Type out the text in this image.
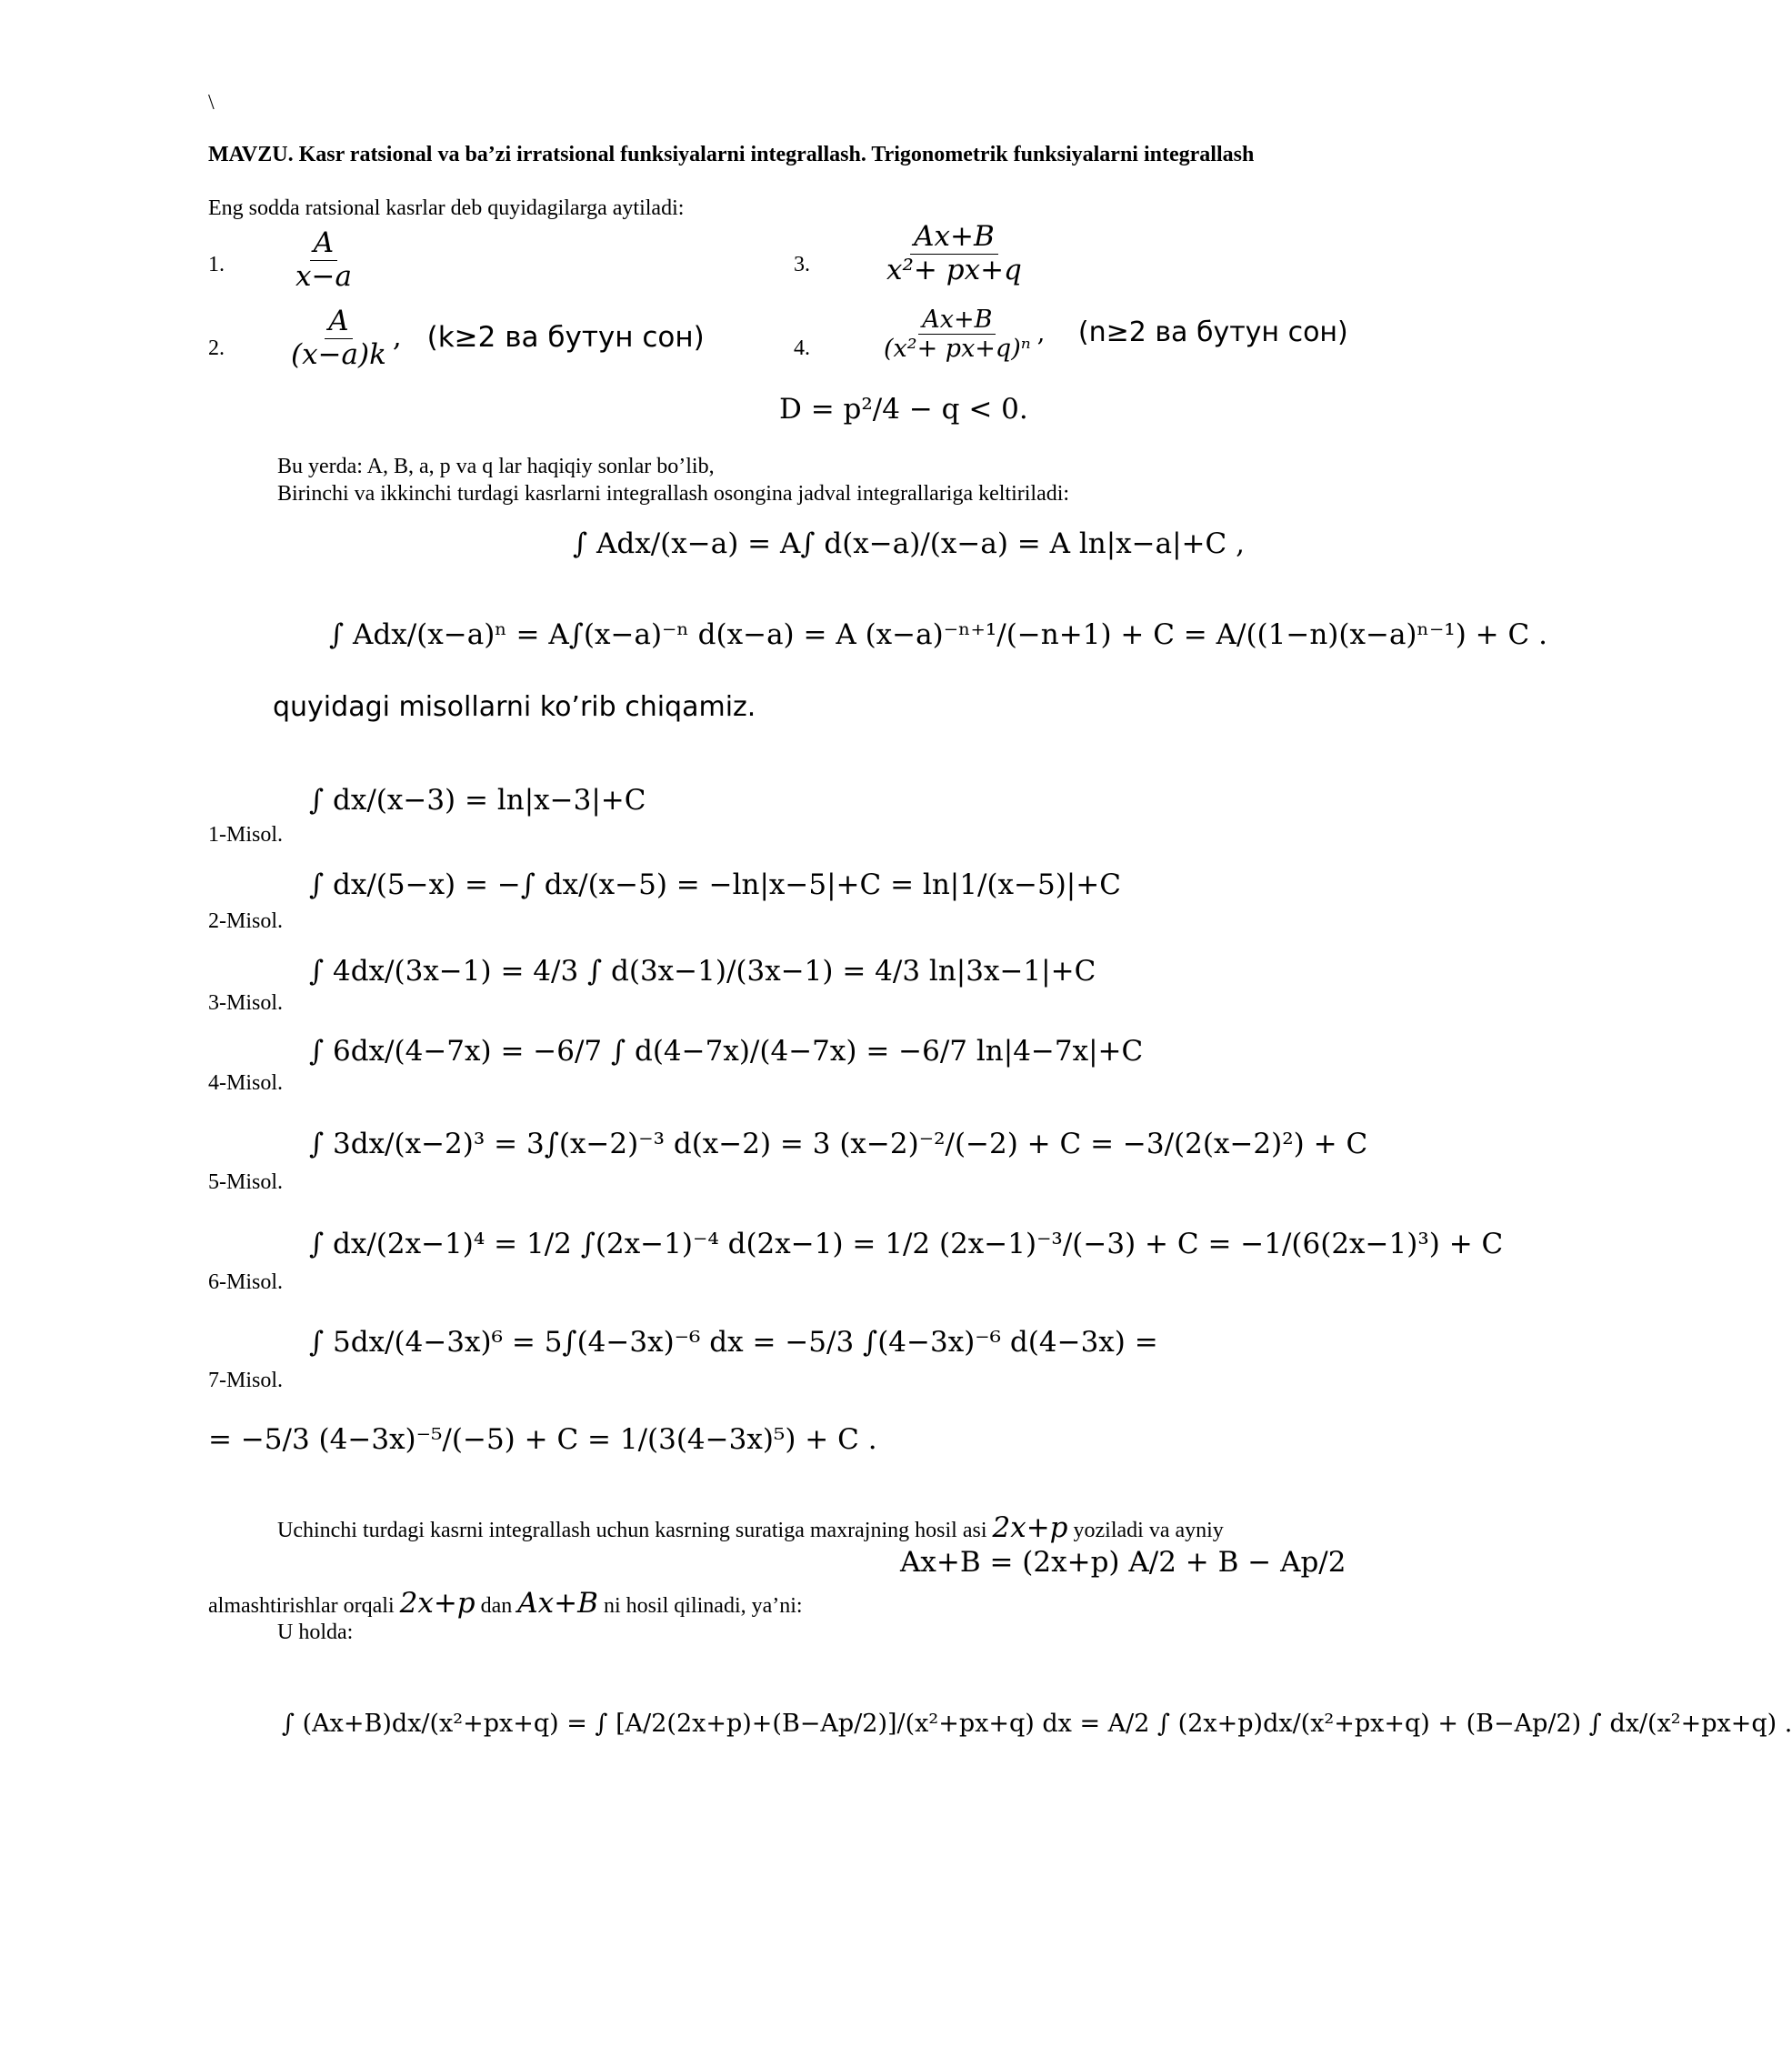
\
MAVZU. Kasr ratsional va ba’zi irratsional funksiyalarni integrallash. Trigonometrik funksiyalarni integrallash
Eng sodda ratsional kasrlar deb quyidagilarga aytiladi:
1. $\frac{A}{x-a}$
2. $\frac{A}{(x-a)k}$ , (k≥2 ва бутун сон)
3.	$\frac{Ax+B}{\text{x²+ px+q}}$
4.	$\frac{Ax+B}{\text{(x²+ px+q)ⁿ}}$ , (n≥2 ва бутун сон)
D = p²/4 − q < 0.
Bu yerda: A, B, a, p va q lar haqiqiy sonlar bo’lib,
Birinchi va ikkinchi turdagi kasrlarni integrallash osongina jadval integrallariga keltiriladi:
∫ Adx/(x−a) = A∫ d(x−a)/(x−a) = A ln|x−a|+C ,
∫ Adx/(x−a)ⁿ = A∫(x−a)⁻ⁿ d(x−a) = A (x−a)⁻ⁿ⁺¹/(−n+1) + C = A/((1−n)(x−a)ⁿ⁻¹) + C .
quyidagi misollarni ko’rib chiqamiz.
1-Misol.
∫ dx/(x−3) = ln|x−3|+C
2-Misol.
∫ dx/(5−x) = −∫ dx/(x−5) = −ln|x−5|+C = ln|1/(x−5)|+C
3-Misol.
∫ 4dx/(3x−1) = 4/3 ∫ d(3x−1)/(3x−1) = 4/3 ln|3x−1|+C
4-Misol.
∫ 6dx/(4−7x) = −6/7 ∫ d(4−7x)/(4−7x) = −6/7 ln|4−7x|+C
5-Misol.
∫ 3dx/(x−2)³ = 3∫(x−2)⁻³ d(x−2) = 3 (x−2)⁻²/(−2) + C = −3/(2(x−2)²) + C
6-Misol.
∫ dx/(2x−1)⁴ = 1/2 ∫(2x−1)⁻⁴ d(2x−1) = 1/2 (2x−1)⁻³/(−3) + C = −1/(6(2x−1)³) + C
7-Misol.
∫ 5dx/(4−3x)⁶ = 5∫(4−3x)⁻⁶ dx = −5/3 ∫(4−3x)⁻⁶ d(4−3x) =
= −5/3 (4−3x)⁻⁵/(−5) + C = 1/(3(4−3x)⁵) + C .
Uchinchi turdagi kasrni integrallash uchun kasrning suratiga maxrajning hosil asi 2x+p yoziladi va ayniy
Ax+B = (2x+p) A/2 + B − Ap/2
almashtirishlar orqali 2x+p dan Ax+B ni hosil qilinadi, ya’ni:
U holda:
∫ (Ax+B)dx/(x²+px+q) = ∫ [A/2(2x+p)+(B−Ap/2)]/(x²+px+q) dx = A/2 ∫ (2x+p)dx/(x²+px+q) + (B−Ap/2) ∫ dx/(x²+px+q) .
